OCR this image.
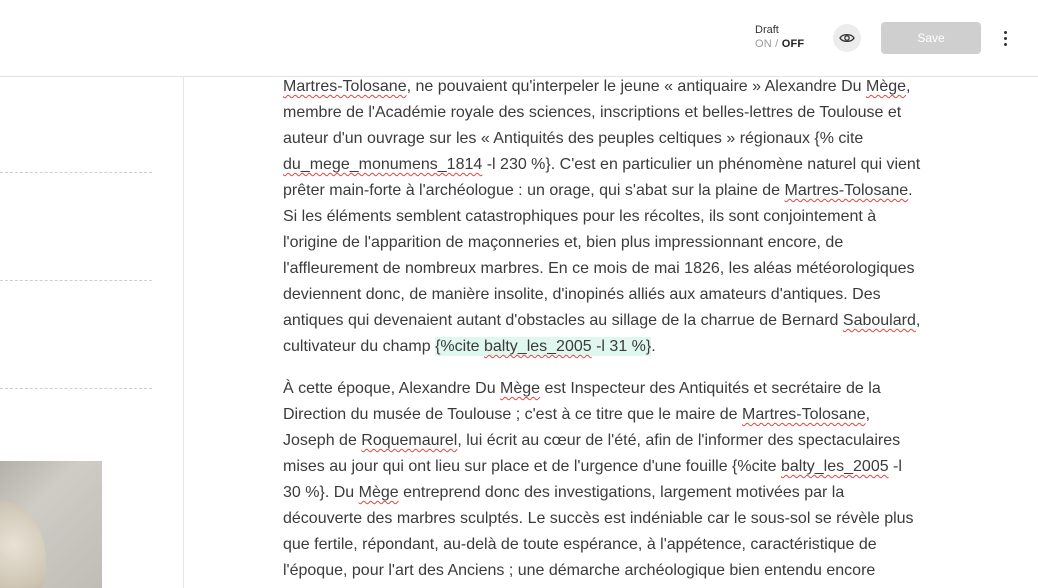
Draft
ON / OFF	Save

Martres-Tolosane, ne pouvaient qu'interpeler le jeune « antiquaire » Alexandre Du Mège,
membre de l'Académie royale des sciences, inscriptions et belles-lettres de Toulouse et
auteur d'un ouvrage sur les « Antiquités des peuples celtiques » régionaux {% cite
du_mege_monumens_1814 -l 230 %}. C'est en particulier un phénomène naturel qui vient
prêter main-forte à l'archéologue : un orage, qui s'abat sur la plaine de Martres-Tolosane.
Si les éléments semblent catastrophiques pour les récoltes, ils sont conjointement à
l'origine de l'apparition de maçonneries et, bien plus impressionnant encore, de
l'affleurement de nombreux marbres. En ce mois de mai 1826, les aléas météorologiques
deviennent donc, de manière insolite, d'inopinés alliés aux amateurs d'antiques. Des
antiques qui devenaient autant d'obstacles au sillage de la charrue de Bernard Saboulard,
cultivateur du champ {%cite balty_les_2005 -l 31 %}.

À cette époque, Alexandre Du Mège est Inspecteur des Antiquités et secrétaire de la
Direction du musée de Toulouse ; c'est à ce titre que le maire de Martres-Tolosane,
Joseph de Roquemaurel, lui écrit au cœur de l'été, afin de l'informer des spectaculaires
mises au jour qui ont lieu sur place et de l'urgence d'une fouille {%cite balty_les_2005 -l
30 %}. Du Mège entreprend donc des investigations, largement motivées par la
découverte des marbres sculptés. Le succès est indéniable car le sous-sol se révèle plus
que fertile, répondant, au-delà de toute espérance, à l'appétence, caractéristique de
l'époque, pour l'art des Anciens ; une démarche archéologique bien entendu encore
